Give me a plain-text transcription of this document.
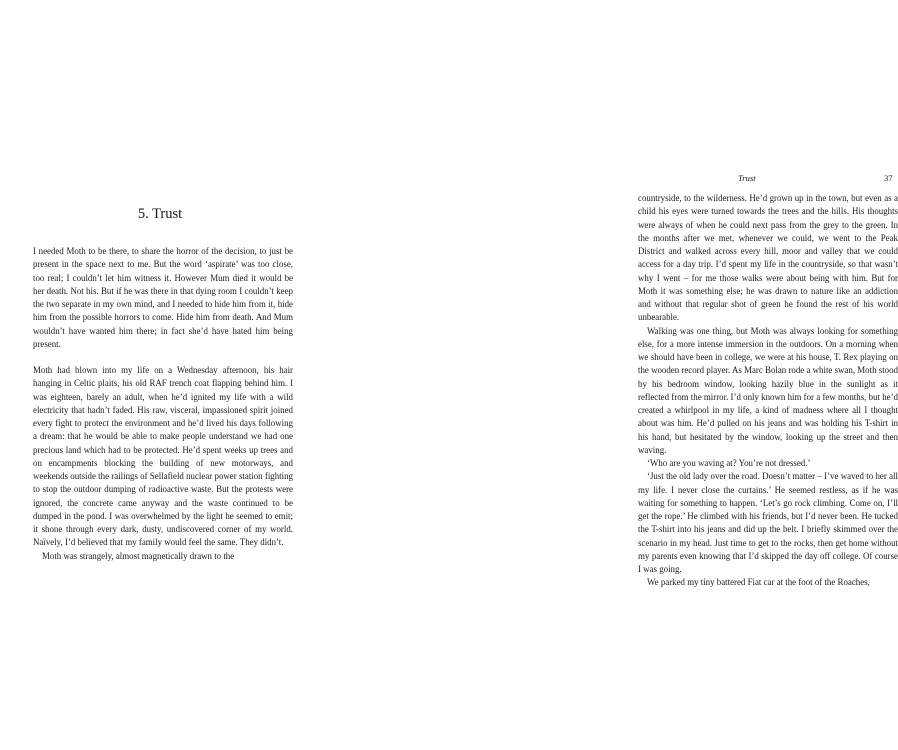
5. Trust

I needed Moth to be there, to share the horror of the decision, to just be present in the space next to me. But the word ‘aspirate’ was too close, too real; I couldn’t let him witness it. However Mum died it would be her death. Not his. But if he was there in that dying room I couldn’t keep the two separate in my own mind, and I needed to hide him from it, hide him from the possible horrors to come. Hide him from death. And Mum wouldn’t have wanted him there; in fact she’d have hated him being present.

Moth had blown into my life on a Wednesday afternoon, his hair hanging in Celtic plaits, his old RAF trench coat flapping behind him. I was eighteen, barely an adult, when he’d ignited my life with a wild electricity that hadn’t faded. His raw, visceral, impassioned spirit joined every fight to protect the environment and he’d lived his days following a dream: that he would be able to make people understand we had one precious land which had to be protected. He’d spent weeks up trees and on encampments blocking the building of new motorways, and weekends outside the railings of Sellafield nuclear power station fighting to stop the outdoor dumping of radioactive waste. But the protests were ignored, the concrete came anyway and the waste continued to be dumped in the pond. I was overwhelmed by the light he seemed to emit; it shone through every dark, dusty, undiscovered corner of my world. Naïvely, I’d believed that my family would feel the same. They didn’t.

Moth was strangely, almost magnetically drawn to the

Trust	37

countryside, to the wilderness. He’d grown up in the town, but even as a child his eyes were turned towards the trees and the hills. His thoughts were always of when he could next pass from the grey to the green. In the months after we met, whenever we could, we went to the Peak District and walked across every hill, moor and valley that we could access for a day trip. I’d spent my life in the countryside, so that wasn’t why I went – for me those walks were about being with him. But for Moth it was something else; he was drawn to nature like an addiction and without that regular shot of green he found the rest of his world unbearable.

Walking was one thing, but Moth was always looking for something else, for a more intense immersion in the outdoors. On a morning when we should have been in college, we were at his house, T. Rex playing on the wooden record player. As Marc Bolan rode a white swan, Moth stood by his bedroom window, looking hazily blue in the sunlight as it reflected from the mirror. I’d only known him for a few months, but he’d created a whirlpool in my life, a kind of madness where all I thought about was him. He’d pulled on his jeans and was holding his T-shirt in his hand, but hesitated by the window, looking up the street and then waving.

‘Who are you waving at? You’re not dressed.’

‘Just the old lady over the road. Doesn’t matter – I’ve waved to her all my life. I never close the curtains.’ He seemed restless, as if he was waiting for something to happen. ‘Let’s go rock climbing. Come on, I’ll get the rope.’ He climbed with his friends, but I’d never been. He tucked the T-shirt into his jeans and did up the belt. I briefly skimmed over the scenario in my head. Just time to get to the rocks, then get home without my parents even knowing that I’d skipped the day off college. Of course I was going.

We parked my tiny battered Fiat car at the foot of the Roaches,
